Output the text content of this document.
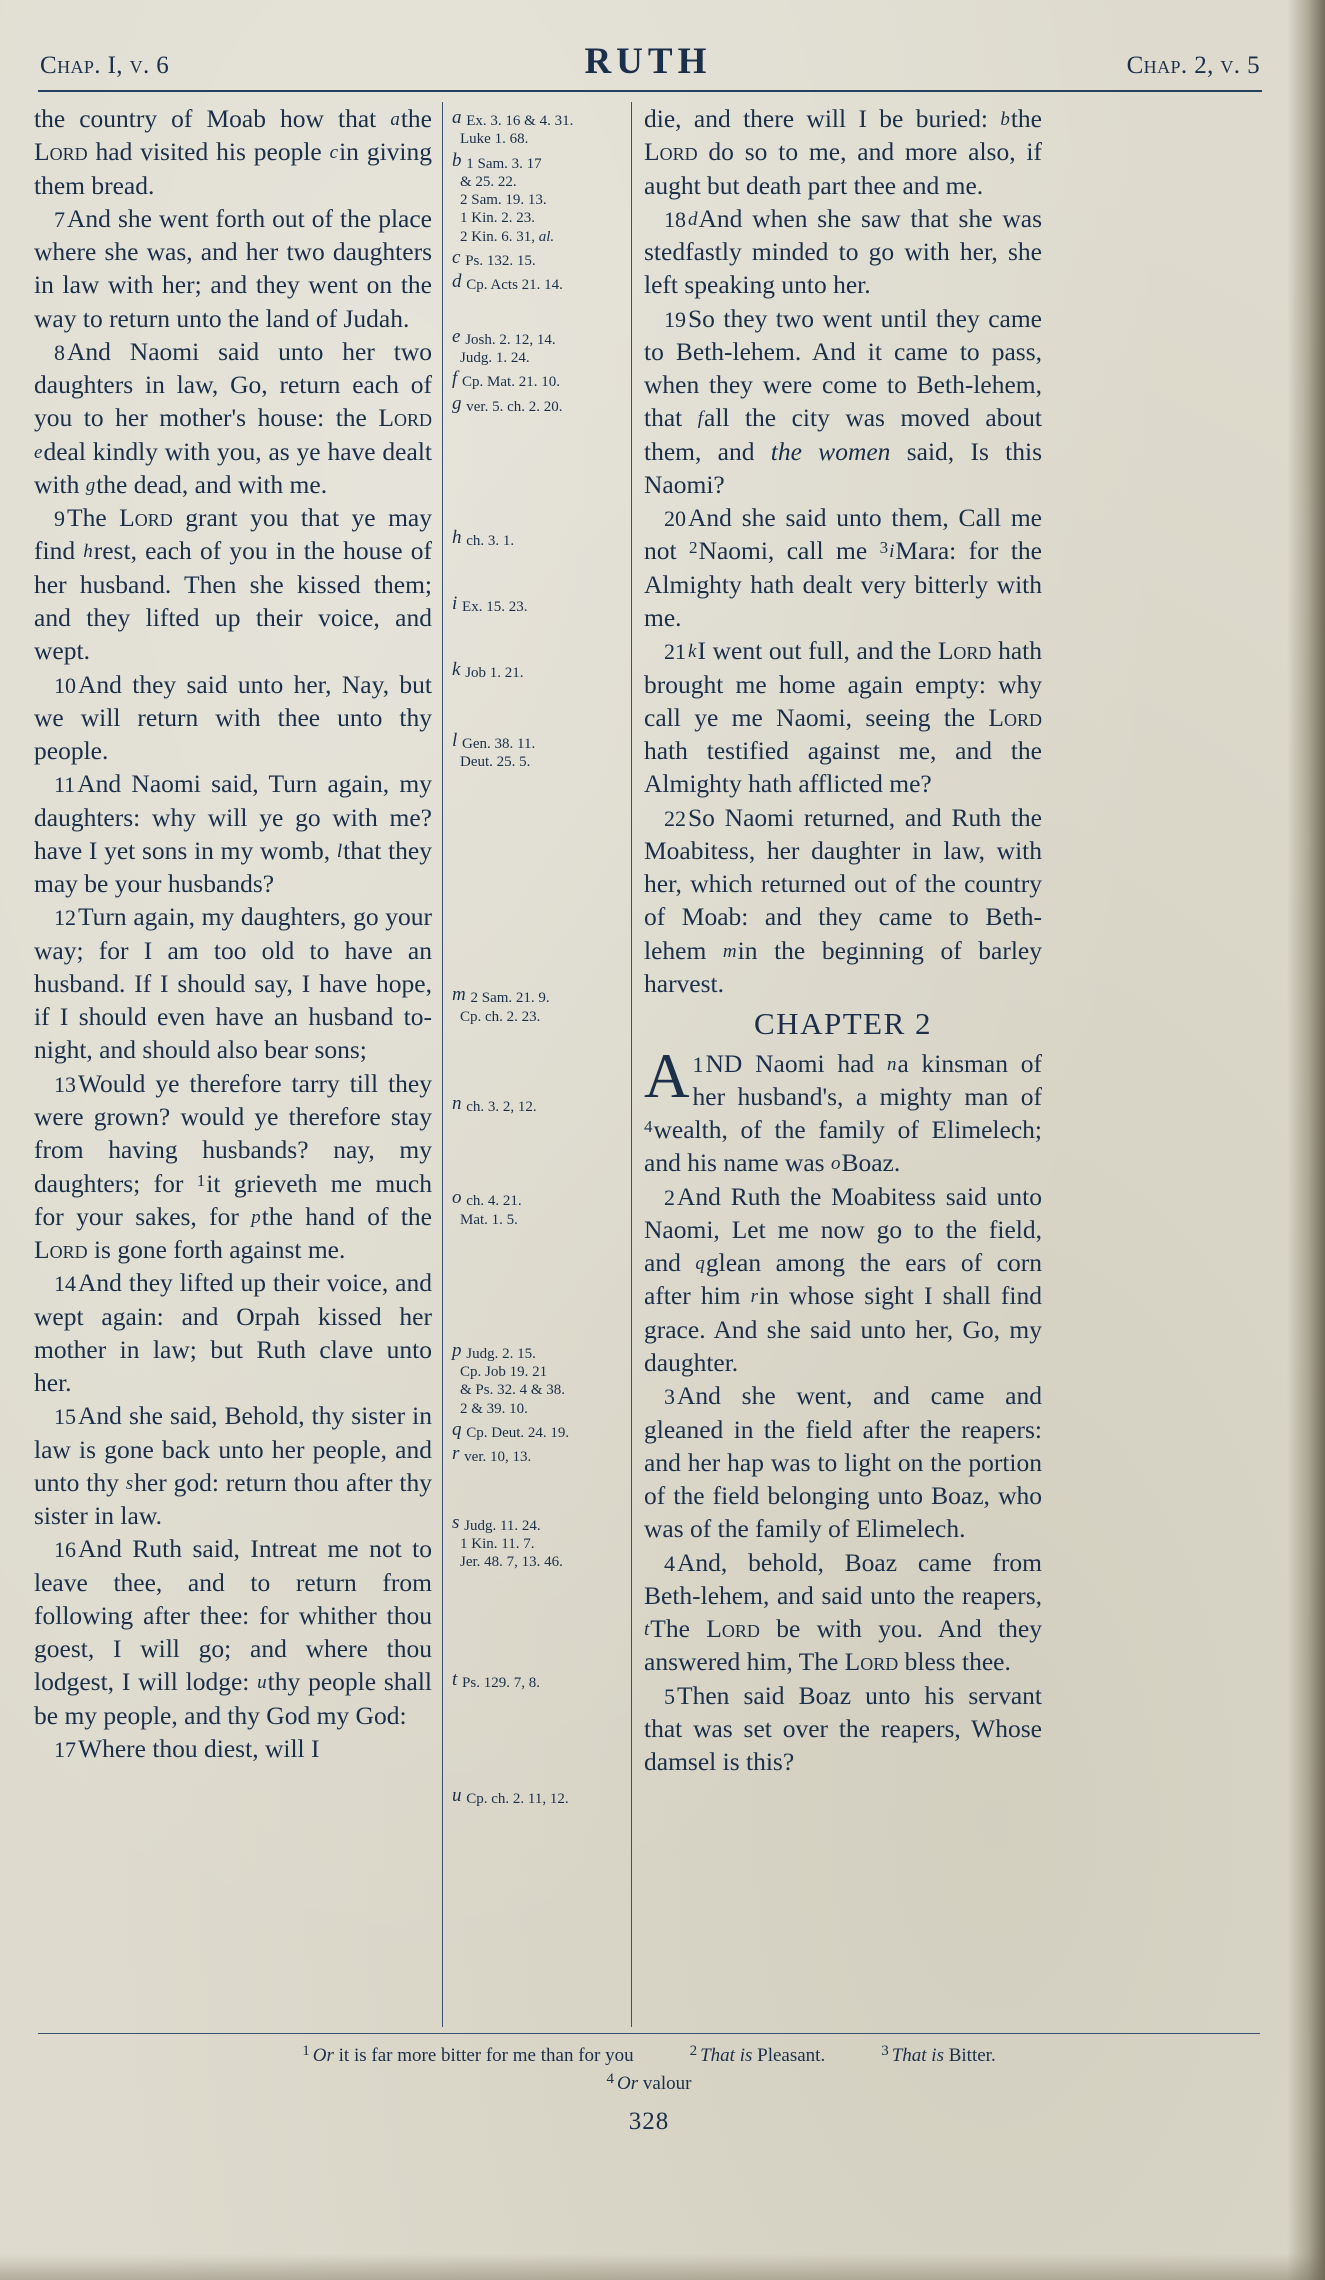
Chap. I, v. 6	RUTH	Chap. 2, v. 5

the country of Moab how that athe Lord had visited his people cin giving them bread.

7And she went forth out of the place where she was, and her two daughters in law with her; and they went on the way to return unto the land of Judah.

8And Naomi said unto her two daughters in law, Go, return each of you to her mother's house: the Lord edeal kindly with you, as ye have dealt with gthe dead, and with me.

9The Lord grant you that ye may find hrest, each of you in the house of her husband. Then she kissed them; and they lifted up their voice, and wept.

10And they said unto her, Nay, but we will return with thee unto thy people.

11And Naomi said, Turn again, my daughters: why will ye go with me? have I yet sons in my womb, lthat they may be your husbands?

12Turn again, my daughters, go your way; for I am too old to have an husband. If I should say, I have hope, if I should even have an husband to-night, and should also bear sons;

13Would ye therefore tarry till they were grown? would ye therefore stay from having husbands? nay, my daughters; for $^1$it grieveth me much for your sakes, for pthe hand of the Lord is gone forth against me.

14And they lifted up their voice, and wept again: and Orpah kissed her mother in law; but Ruth clave unto her.

15And she said, Behold, thy sister in law is gone back unto her people, and unto thy sher god: return thou after thy sister in law.

16And Ruth said, Intreat me not to leave thee, and to return from following after thee: for whither thou goest, I will go; and where thou lodgest, I will lodge: uthy people shall be my people, and thy God my God:

17Where thou diest, will I

a Ex. 3. 16 & 4. 31.
Luke 1. 68.
b 1 Sam. 3. 17
& 25. 22.
2 Sam. 19. 13.
1 Kin. 2. 23.
2 Kin. 6. 31, al.
c Ps. 132. 15.
d Cp. Acts 21. 14.
e Josh. 2. 12, 14.
Judg. 1. 24.
f Cp. Mat. 21. 10.
g ver. 5. ch. 2. 20.
h ch. 3. 1.
i Ex. 15. 23.
k Job 1. 21.
l Gen. 38. 11.
Deut. 25. 5.
m 2 Sam. 21. 9.
Cp. ch. 2. 23.
n ch. 3. 2, 12.
o ch. 4. 21.
Mat. 1. 5.
p Judg. 2. 15.
Cp. Job 19. 21
& Ps. 32. 4 & 38.
2 & 39. 10.
q Cp. Deut. 24. 19.
r ver. 10, 13.
s Judg. 11. 24.
1 Kin. 11. 7.
Jer. 48. 7, 13. 46.
t Ps. 129. 7, 8.
u Cp. ch. 2. 11, 12.

die, and there will I be buried: bthe Lord do so to me, and more also, if aught but death part thee and me.

18 dAnd when she saw that she was stedfastly minded to go with her, she left speaking unto her.

19So they two went until they came to Beth-lehem. And it came to pass, when they were come to Beth-lehem, that fall the city was moved about them, and the women said, Is this Naomi?

20And she said unto them, Call me not $^2$Naomi, call me $^3$iMara: for the Almighty hath dealt very bitterly with me.

21 kI went out full, and the Lord hath brought me home again empty: why call ye me Naomi, seeing the Lord hath testified against me, and the Almighty hath afflicted me?

22So Naomi returned, and Ruth the Moabitess, her daughter in law, with her, which returned out of the country of Moab: and they came to Beth-lehem min the beginning of barley harvest.

CHAPTER 2

1
A ND Naomi had na kinsman of her husband's, a mighty man of $^4$wealth, of the family of Elimelech; and his name was oBoaz.

2And Ruth the Moabitess said unto Naomi, Let me now go to the field, and qglean among the ears of corn after him rin whose sight I shall find grace. And she said unto her, Go, my daughter.

3And she went, and came and gleaned in the field after the reapers: and her hap was to light on the portion of the field belonging unto Boaz, who was of the family of Elimelech.

4And, behold, Boaz came from Beth-lehem, and said unto the reapers, tThe Lord be with you. And they answered him, The Lord bless thee.

5Then said Boaz unto his servant that was set over the reapers, Whose damsel is this?

$^1$ Or it is far more bitter for me than for you	$^2$ That is Pleasant.	$^3$ That is Bitter.
$^4$ Or valour
328
